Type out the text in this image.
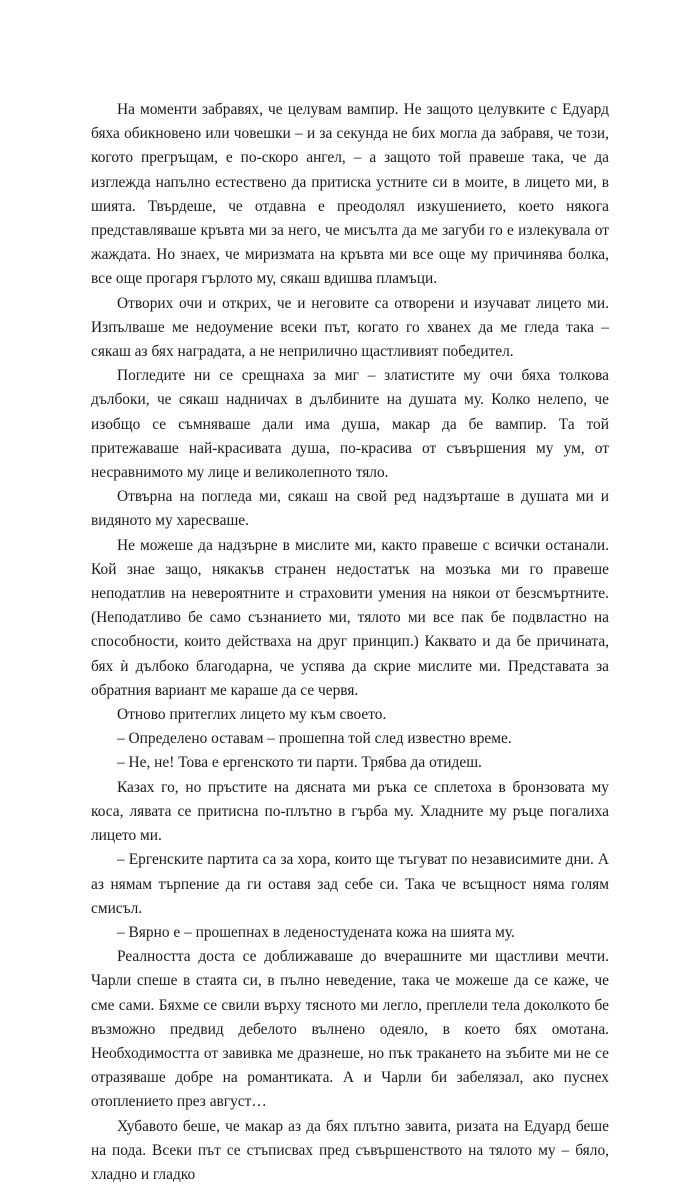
На моменти забравях, че целувам вампир. Не защото целувките с Едуард бяха обикновено или човешки – и за секунда не бих могла да забравя, че този, когото прегръщам, е по-скоро ангел, – а защото той правеше така, че да изглежда напълно естествено да притиска устните си в моите, в лицето ми, в шията. Твърдеше, че отдавна е преодолял изкушението, което някога представляваше кръвта ми за него, че мисълта да ме загуби го е излекувала от жаждата. Но знаех, че миризмата на кръвта ми все още му причинява болка, все още прогаря гърлото му, сякаш вдишва пламъци.

Отворих очи и открих, че и неговите са отворени и изучават лицето ми. Изпълваше ме недоумение всеки път, когато го хванех да ме гледа така – сякаш аз бях наградата, а не неприлично щастливият победител.

Погледите ни се срещнаха за миг – златистите му очи бяха толкова дълбоки, че сякаш надничах в дълбините на душата му. Колко нелепо, че изобщо се съмняваше дали има душа, макар да бе вампир. Та той притежаваше най-красивата душа, по-красива от съвършения му ум, от несравнимото му лице и великолепното тяло.

Отвърна на погледа ми, сякаш на свой ред надзърташе в душата ми и видяното му харесваше.

Не можеше да надзърне в мислите ми, както правеше с всички останали. Кой знае защо, някакъв странен недостатък на мозъка ми го правеше неподатлив на невероятните и страховити умения на някои от безсмъртните. (Неподатливо бе само съзнанието ми, тялото ми все пак бе подвластно на способности, които действаха на друг принцип.) Каквато и да бе причината, бях ѝ дълбоко благодарна, че успява да скрие мислите ми. Представата за обратния вариант ме караше да се червя.

Отново притеглих лицето му към своето.

– Определено оставам – прошепна той след известно време.

– Не, не! Това е ергенското ти парти. Трябва да отидеш.

Казах го, но пръстите на дясната ми ръка се сплетоха в бронзовата му коса, лявата се притисна по-плътно в гърба му. Хладните му ръце погалиха лицето ми.

– Ергенските партита са за хора, които ще тъгуват по независимите дни. А аз нямам търпение да ги оставя зад себе си. Така че всъщност няма голям смисъл.

– Вярно е – прошепнах в леденостудената кожа на шията му.

Реалността доста се доближаваше до вчерашните ми щастливи мечти. Чарли спеше в стаята си, в пълно неведение, така че можеше да се каже, че сме сами. Бяхме се свили върху тясното ми легло, преплели тела доколкото бе възможно предвид дебелото вълнено одеяло, в което бях омотана. Необходимостта от завивка ме дразнеше, но пък тракането на зъбите ми не се отразяваше добре на романтиката. А и Чарли би забелязал, ако пуснех отоплението през август…

Хубавото беше, че макар аз да бях плътно завита, ризата на Едуард беше на пода. Всеки път се стъписвах пред съвършенството на тялото му – бяло, хладно и гладко
